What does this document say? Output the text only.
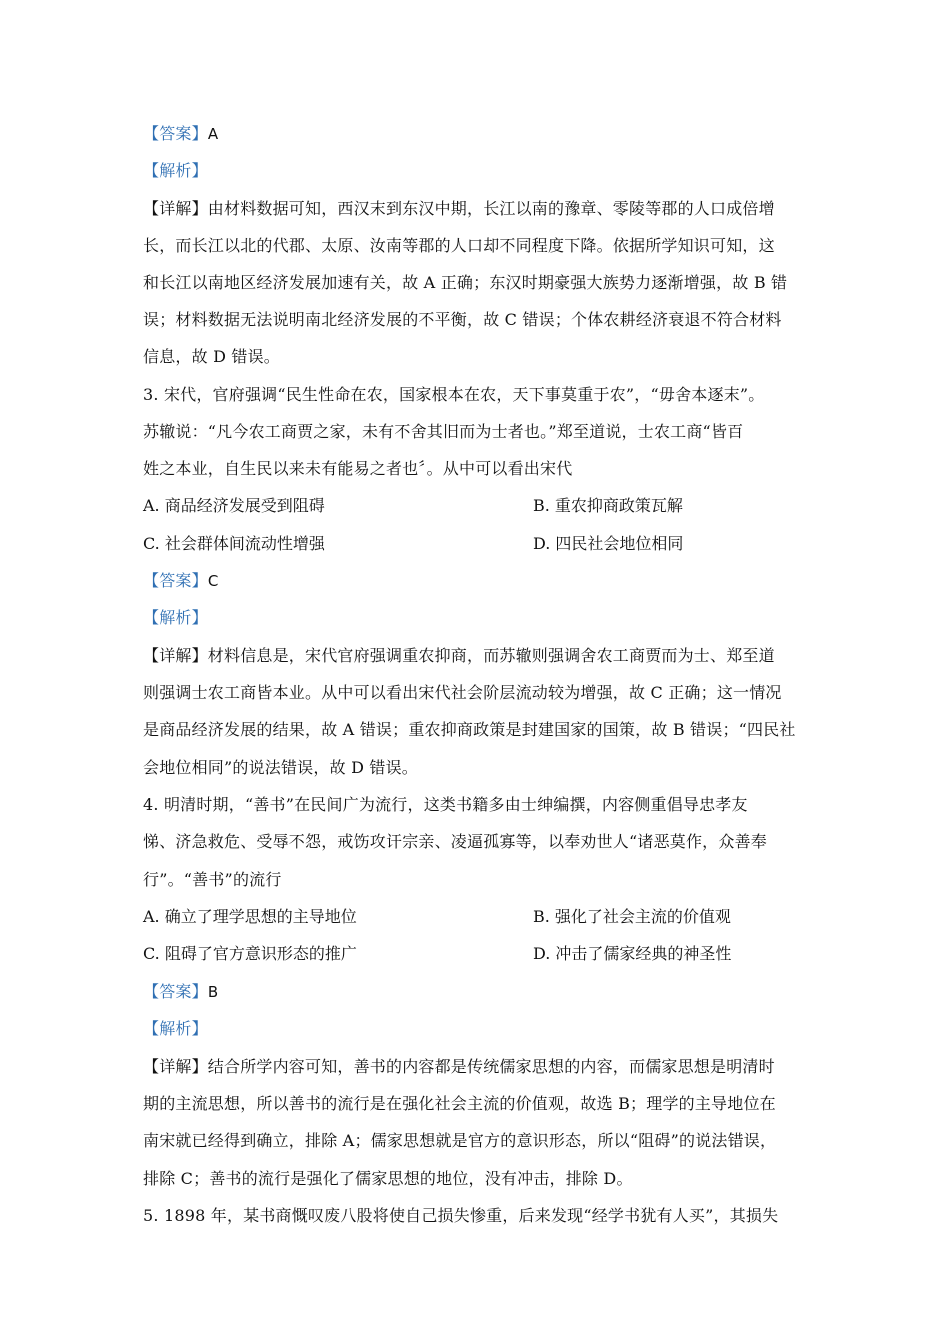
【答案】A
【解析】
【详解】由材料数据可知，西汉末到东汉中期，长江以南的豫章、零陵等郡的人口成倍增
长，而长江以北的代郡、太原、汝南等郡的人口却不同程度下降。依据所学知识可知，这
和长江以南地区经济发展加速有关，故 A 正确；东汉时期豪强大族势力逐渐增强，故 B 错
误；材料数据无法说明南北经济发展的不平衡，故 C 错误；个体农耕经济衰退不符合材料
信息，故 D 错误。
3. 宋代，官府强调“民生性命在农，国家根本在农，天下事莫重于农”，“毋舍本逐末”。
苏辙说：“凡今农工商贾之家，未有不舍其旧而为士者也。”郑至道说，士农工商“皆百
姓之本业，自生民以来未有能易之者也〞。从中可以看出宋代
A. 商品经济发展受到阻碍	B. 重农抑商政策瓦解
C. 社会群体间流动性增强	D. 四民社会地位相同
【答案】C
【解析】
【详解】材料信息是，宋代官府强调重农抑商，而苏辙则强调舍农工商贾而为士、郑至道
则强调士农工商皆本业。从中可以看出宋代社会阶层流动较为增强，故 C 正确；这一情况
是商品经济发展的结果，故 A 错误；重农抑商政策是封建国家的国策，故 B 错误；“四民社
会地位相同”的说法错误，故 D 错误。
4. 明清时期，“善书”在民间广为流行，这类书籍多由士绅编撰，内容侧重倡导忠孝友
悌、济急救危、受辱不怨，戒饬攻讦宗亲、凌逼孤寡等，以奉劝世人“诸恶莫作，众善奉
行”。“善书”的流行
A. 确立了理学思想的主导地位	B. 强化了社会主流的价值观
C. 阻碍了官方意识形态的推广	D. 冲击了儒家经典的神圣性
【答案】B
【解析】
【详解】结合所学内容可知，善书的内容都是传统儒家思想的内容，而儒家思想是明清时
期的主流思想，所以善书的流行是在强化社会主流的价值观，故选 B；理学的主导地位在
南宋就已经得到确立，排除 A；儒家思想就是官方的意识形态，所以“阻碍”的说法错误，
排除 C；善书的流行是强化了儒家思想的地位，没有冲击，排除 D。
5. 1898 年，某书商慨叹废八股将使自己损失惨重，后来发现“经学书犹有人买”，其损失
